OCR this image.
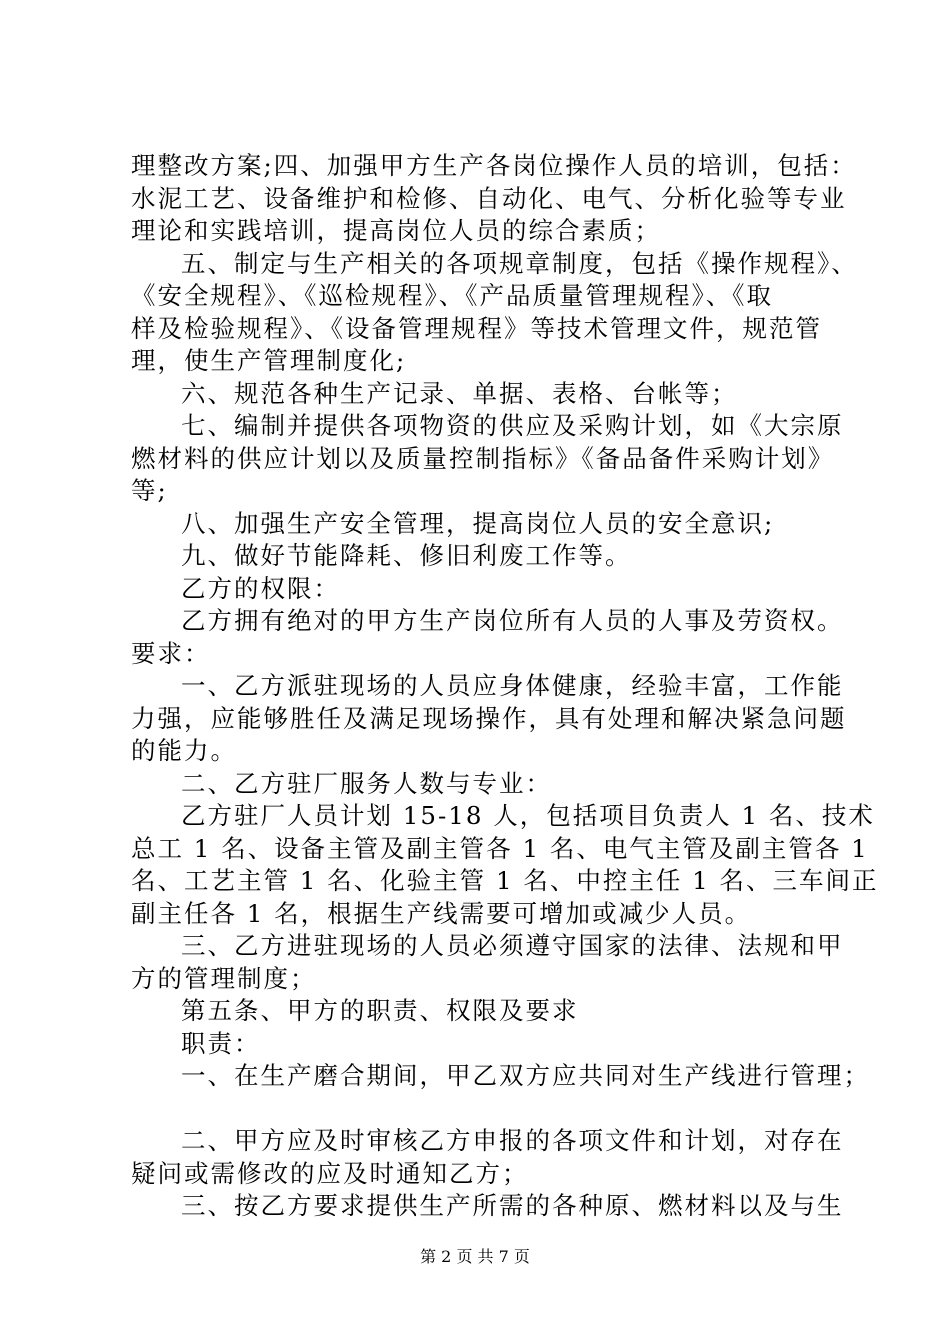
理整改方案;四、加强甲方生产各岗位操作人员的培训，包括：
水泥工艺、设备维护和检修、自动化、电气、分析化验等专业
理论和实践培训，提高岗位人员的综合素质；
五、制定与生产相关的各项规章制度，包括《操作规程》、
《安全规程》、《巡检规程》、《产品质量管理规程》、《取
样及检验规程》、《设备管理规程》等技术管理文件，规范管
理，使生产管理制度化;
六、规范各种生产记录、单据、表格、台帐等；
七、编制并提供各项物资的供应及采购计划，如《大宗原
燃材料的供应计划以及质量控制指标》《备品备件采购计划》
等;
八、加强生产安全管理，提高岗位人员的安全意识;
九、做好节能降耗、修旧利废工作等。
乙方的权限：
乙方拥有绝对的甲方生产岗位所有人员的人事及劳资权。
要求：
一、乙方派驻现场的人员应身体健康，经验丰富，工作能
力强，应能够胜任及满足现场操作，具有处理和解决紧急问题
的能力。
二、乙方驻厂服务人数与专业：
乙方驻厂人员计划 15-18 人，包括项目负责人 1 名、技术
总工 1 名、设备主管及副主管各 1 名、电气主管及副主管各 1
名、工艺主管 1 名、化验主管 1 名、中控主任 1 名、三车间正
副主任各 1 名，根据生产线需要可增加或减少人员。
三、乙方进驻现场的人员必须遵守国家的法律、法规和甲
方的管理制度；
第五条、甲方的职责、权限及要求
职责：
一、在生产磨合期间，甲乙双方应共同对生产线进行管理；
二、甲方应及时审核乙方申报的各项文件和计划，对存在
疑问或需修改的应及时通知乙方；
三、按乙方要求提供生产所需的各种原、燃材料以及与生
第 2 页 共 7 页
